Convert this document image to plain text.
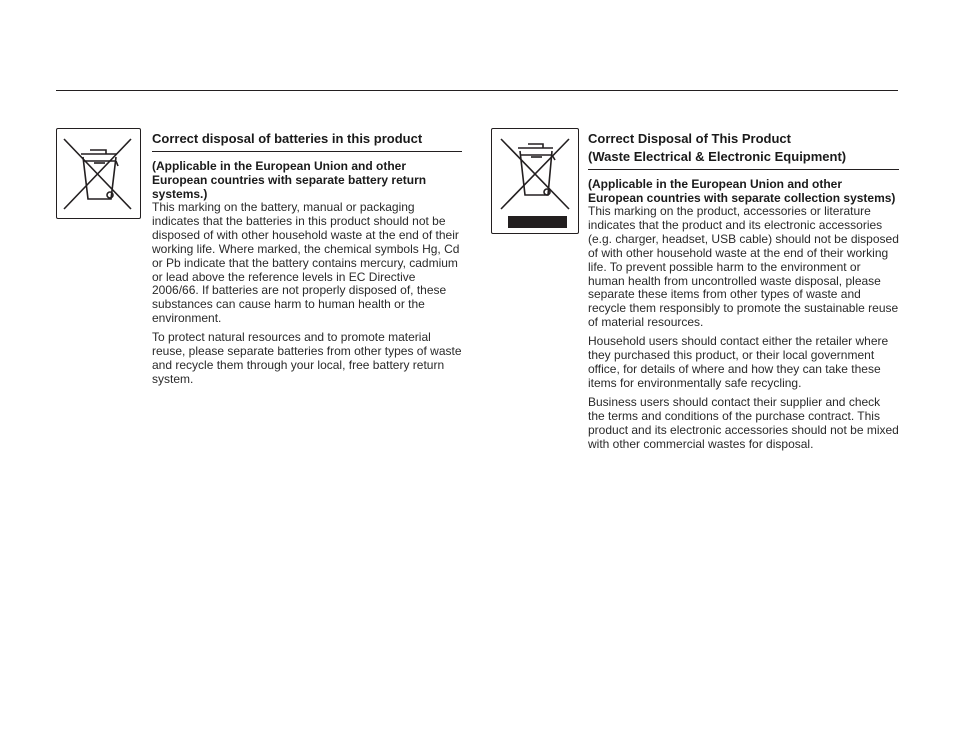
Correct disposal of batteries in this product
(Applicable in the European Union and other European countries with separate battery return systems.)

This marking on the battery, manual or packaging indicates that the batteries in this product should not be disposed of with other household waste at the end of their working life. Where marked, the chemical symbols Hg, Cd or Pb indicate that the battery contains mercury, cadmium or lead above the reference levels in EC Directive 2006/66. If batteries are not properly disposed of, these substances can cause harm to human health or the environment.

To protect natural resources and to promote material reuse, please separate batteries from other types of waste and recycle them through your local, free battery return system.

Correct Disposal of This Product
(Waste Electrical & Electronic Equipment)
(Applicable in the European Union and other European countries with separate collection systems)

This marking on the product, accessories or literature indicates that the product and its electronic accessories (e.g. charger, headset, USB cable) should not be disposed of with other household waste at the end of their working life. To prevent possible harm to the environment or human health from uncontrolled waste disposal, please separate these items from other types of waste and recycle them responsibly to promote the sustainable reuse of material resources.

Household users should contact either the retailer where they purchased this product, or their local government office, for details of where and how they can take these items for environmentally safe recycling.

Business users should contact their supplier and check the terms and conditions of the purchase contract. This product and its electronic accessories should not be mixed with other commercial wastes for disposal.
